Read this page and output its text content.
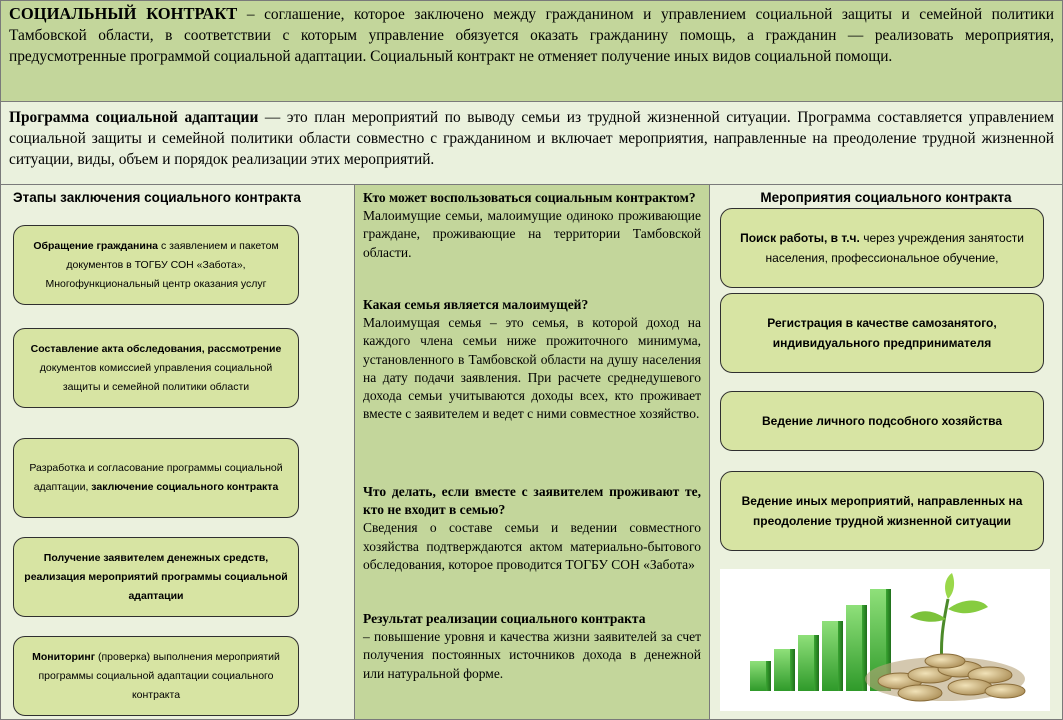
СОЦИАЛЬНЫЙ КОНТРАКТ – соглашение, которое заключено между гражданином и управлением социальной защиты и семейной политики Тамбовской области, в соответствии с которым управление обязуется оказать гражданину помощь, а гражданин — реализовать мероприятия, предусмотренные программой социальной адаптации. Социальный контракт не отменяет получение иных видов социальной помощи.
Программа социальной адаптации — это план мероприятий по выводу семьи из трудной жизненной ситуации. Программа составляется управлением социальной защиты и семейной политики области совместно с гражданином и включает мероприятия, направленные на преодоление трудной жизненной ситуации, виды, объем и порядок реализации этих мероприятий.
Этапы заключения социального контракта
Обращение гражданина с заявлением и пакетом документов в ТОГБУ СОН «Забота», Многофункциональный центр оказания услуг
Составление акта обследования, рассмотрение документов комиссией управления социальной защиты и семейной политики области
Разработка и согласование программы социальной адаптации, заключение социального контракта
Получение заявителем денежных средств, реализация мероприятий программы социальной адаптации
Мониторинг (проверка) выполнения мероприятий программы социальной адаптации социального контракта
Кто может воспользоваться социальным контрактом?
Малоимущие семьи, малоимущие одиноко проживающие граждане, проживающие на территории Тамбовской области.
Какая семья является малоимущей?
Малоимущая семья – это семья, в которой доход на каждого члена семьи ниже прожиточного минимума, установленного в Тамбовской области на душу населения на дату подачи заявления. При расчете среднедушевого дохода семьи учитываются доходы всех, кто проживает вместе с заявителем и ведет с ними совместное хозяйство.
Что делать, если вместе с заявителем проживают те, кто не входит в семью?
Сведения о составе семьи и ведении совместного хозяйства подтверждаются актом материально-бытового обследования, которое проводится ТОГБУ СОН «Забота»
Результат реализации социального контракта
– повышение уровня и качества жизни заявителей за счет получения постоянных источников дохода в денежной или натуральной форме.
Мероприятия социального контракта
Поиск работы, в т.ч. через учреждения занятости населения, профессиональное обучение,
Регистрация в качестве самозанятого, индивидуального предпринимателя
Ведение личного подсобного хозяйства
Ведение иных мероприятий, направленных на преодоление трудной жизненной ситуации
